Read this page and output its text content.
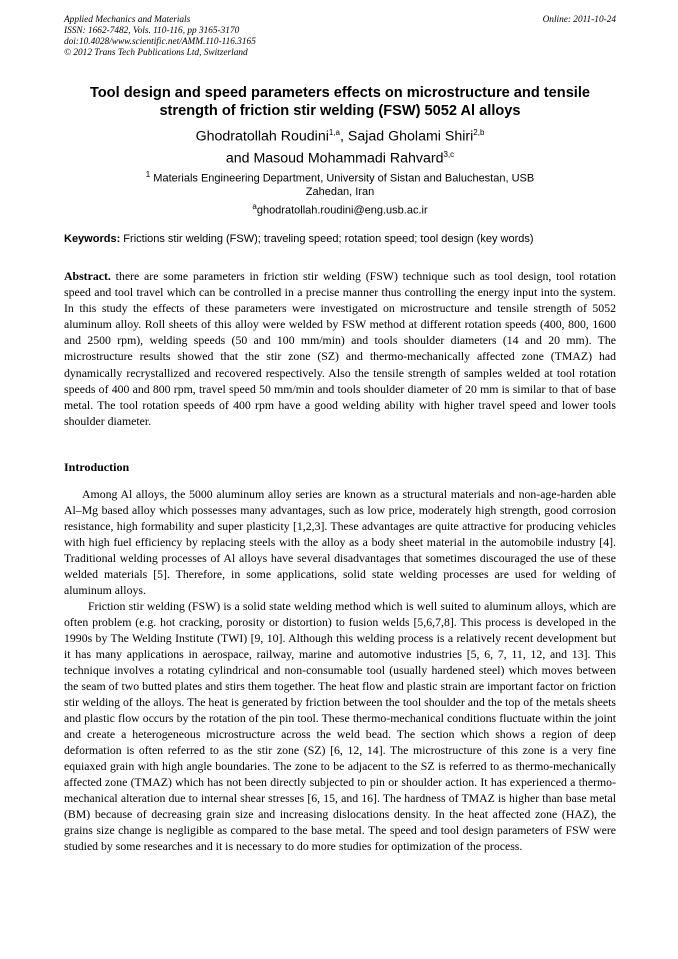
Applied Mechanics and Materials
ISSN: 1662-7482, Vols. 110-116, pp 3165-3170
doi:10.4028/www.scientific.net/AMM.110-116.3165
© 2012 Trans Tech Publications Ltd, Switzerland
Online: 2011-10-24
Tool design and speed parameters effects on microstructure and tensile strength of friction stir welding (FSW) 5052 Al alloys
Ghodratollah Roudini$^{1,a}$, Sajad Gholami Shiri$^{2,b}$
and Masoud Mohammadi Rahvard$^{3,c}$
$^1$ Materials Engineering Department, University of Sistan and Baluchestan, USB
Zahedan, Iran
$^a$ghodratollah.roudini@eng.usb.ac.ir
Keywords: Frictions stir welding (FSW); traveling speed; rotation speed; tool design (key words)
Abstract. there are some parameters in friction stir welding (FSW) technique such as tool design, tool rotation speed and tool travel which can be controlled in a precise manner thus controlling the energy input into the system. In this study the effects of these parameters were investigated on microstructure and tensile strength of 5052 aluminum alloy. Roll sheets of this alloy were welded by FSW method at different rotation speeds (400, 800, 1600 and 2500 rpm), welding speeds (50 and 100 mm/min) and tools shoulder diameters (14 and 20 mm). The microstructure results showed that the stir zone (SZ) and thermo-mechanically affected zone (TMAZ) had dynamically recrystallized and recovered respectively. Also the tensile strength of samples welded at tool rotation speeds of 400 and 800 rpm, travel speed 50 mm/min and tools shoulder diameter of 20 mm is similar to that of base metal. The tool rotation speeds of 400 rpm have a good welding ability with higher travel speed and lower tools shoulder diameter.
Introduction

Among Al alloys, the 5000 aluminum alloy series are known as a structural materials and non-age-harden able Al–Mg based alloy which possesses many advantages, such as low price, moderately high strength, good corrosion resistance, high formability and super plasticity [1,2,3]. These advantages are quite attractive for producing vehicles with high fuel efficiency by replacing steels with the alloy as a body sheet material in the automobile industry [4]. Traditional welding processes of Al alloys have several disadvantages that sometimes discouraged the use of these welded materials [5]. Therefore, in some applications, solid state welding processes are used for welding of aluminum alloys.

Friction stir welding (FSW) is a solid state welding method which is well suited to aluminum alloys, which are often problem (e.g. hot cracking, porosity or distortion) to fusion welds [5,6,7,8]. This process is developed in the 1990s by The Welding Institute (TWI) [9, 10]. Although this welding process is a relatively recent development but it has many applications in aerospace, railway, marine and automotive industries [5, 6, 7, 11, 12, and 13]. This technique involves a rotating cylindrical and non-consumable tool (usually hardened steel) which moves between the seam of two butted plates and stirs them together. The heat flow and plastic strain are important factor on friction stir welding of the alloys. The heat is generated by friction between the tool shoulder and the top of the metals sheets and plastic flow occurs by the rotation of the pin tool. These thermo-mechanical conditions fluctuate within the joint and create a heterogeneous microstructure across the weld bead. The section which shows a region of deep deformation is often referred to as the stir zone (SZ) [6, 12, 14]. The microstructure of this zone is a very fine equiaxed grain with high angle boundaries. The zone to be adjacent to the SZ is referred to as thermo-mechanically affected zone (TMAZ) which has not been directly subjected to pin or shoulder action. It has experienced a thermo-mechanical alteration due to internal shear stresses [6, 15, and 16]. The hardness of TMAZ is higher than base metal (BM) because of decreasing grain size and increasing dislocations density. In the heat affected zone (HAZ), the grains size change is negligible as compared to the base metal. The speed and tool design parameters of FSW were studied by some researches and it is necessary to do more studies for optimization of the process.
